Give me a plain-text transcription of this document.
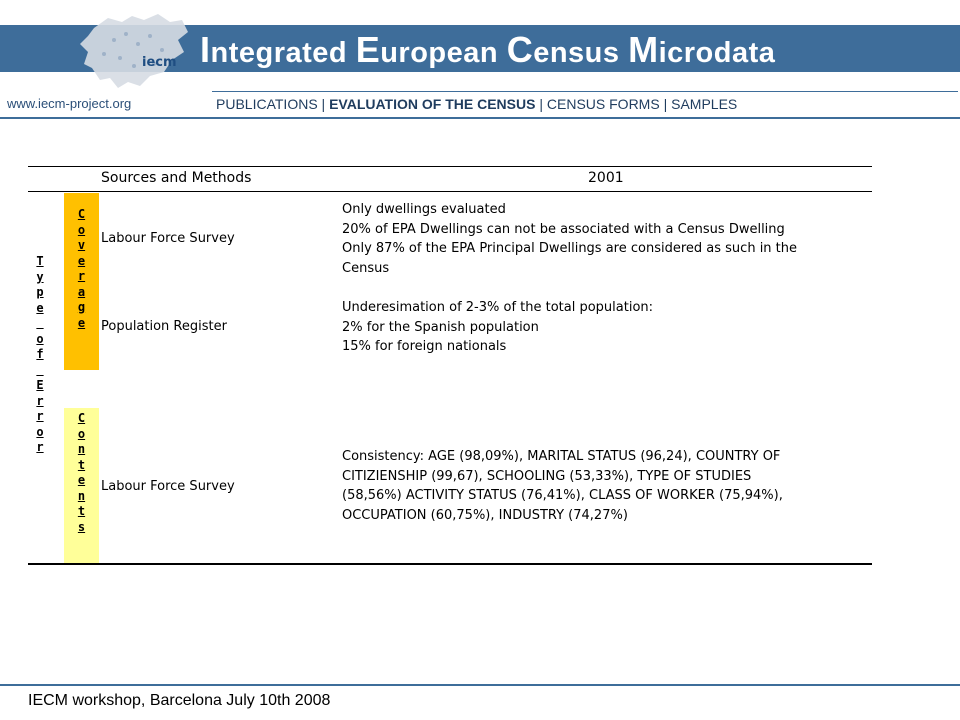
iecm Integrated European Census Microdata
www.iecm-project.org	PUBLICATIONS | EVALUATION OF THE CENSUS | CENSUS FORMS | SAMPLES
Sources and Methods	2001
T
y
p
e

o
f

E
r
r
o
r
C
o
v
e
r
a
g
e
C
o
n
t
e
n
t
s
Labour Force Survey
Only dwellings evaluated
20% of EPA Dwellings can not be associated with a Census Dwelling
Only 87% of the EPA Principal Dwellings are considered as such in the
Census
Population Register
Underesimation of 2-3% of the total population:
2% for the Spanish population
15% for foreign nationals
Labour Force Survey
Consistency: AGE (98,09%), MARITAL STATUS (96,24), COUNTRY OF
CITIZIENSHIP (99,67), SCHOOLING (53,33%), TYPE OF STUDIES
(58,56%) ACTIVITY STATUS (76,41%), CLASS OF WORKER (75,94%),
OCCUPATION (60,75%), INDUSTRY (74,27%)
IECM workshop, Barcelona July 10th 2008
